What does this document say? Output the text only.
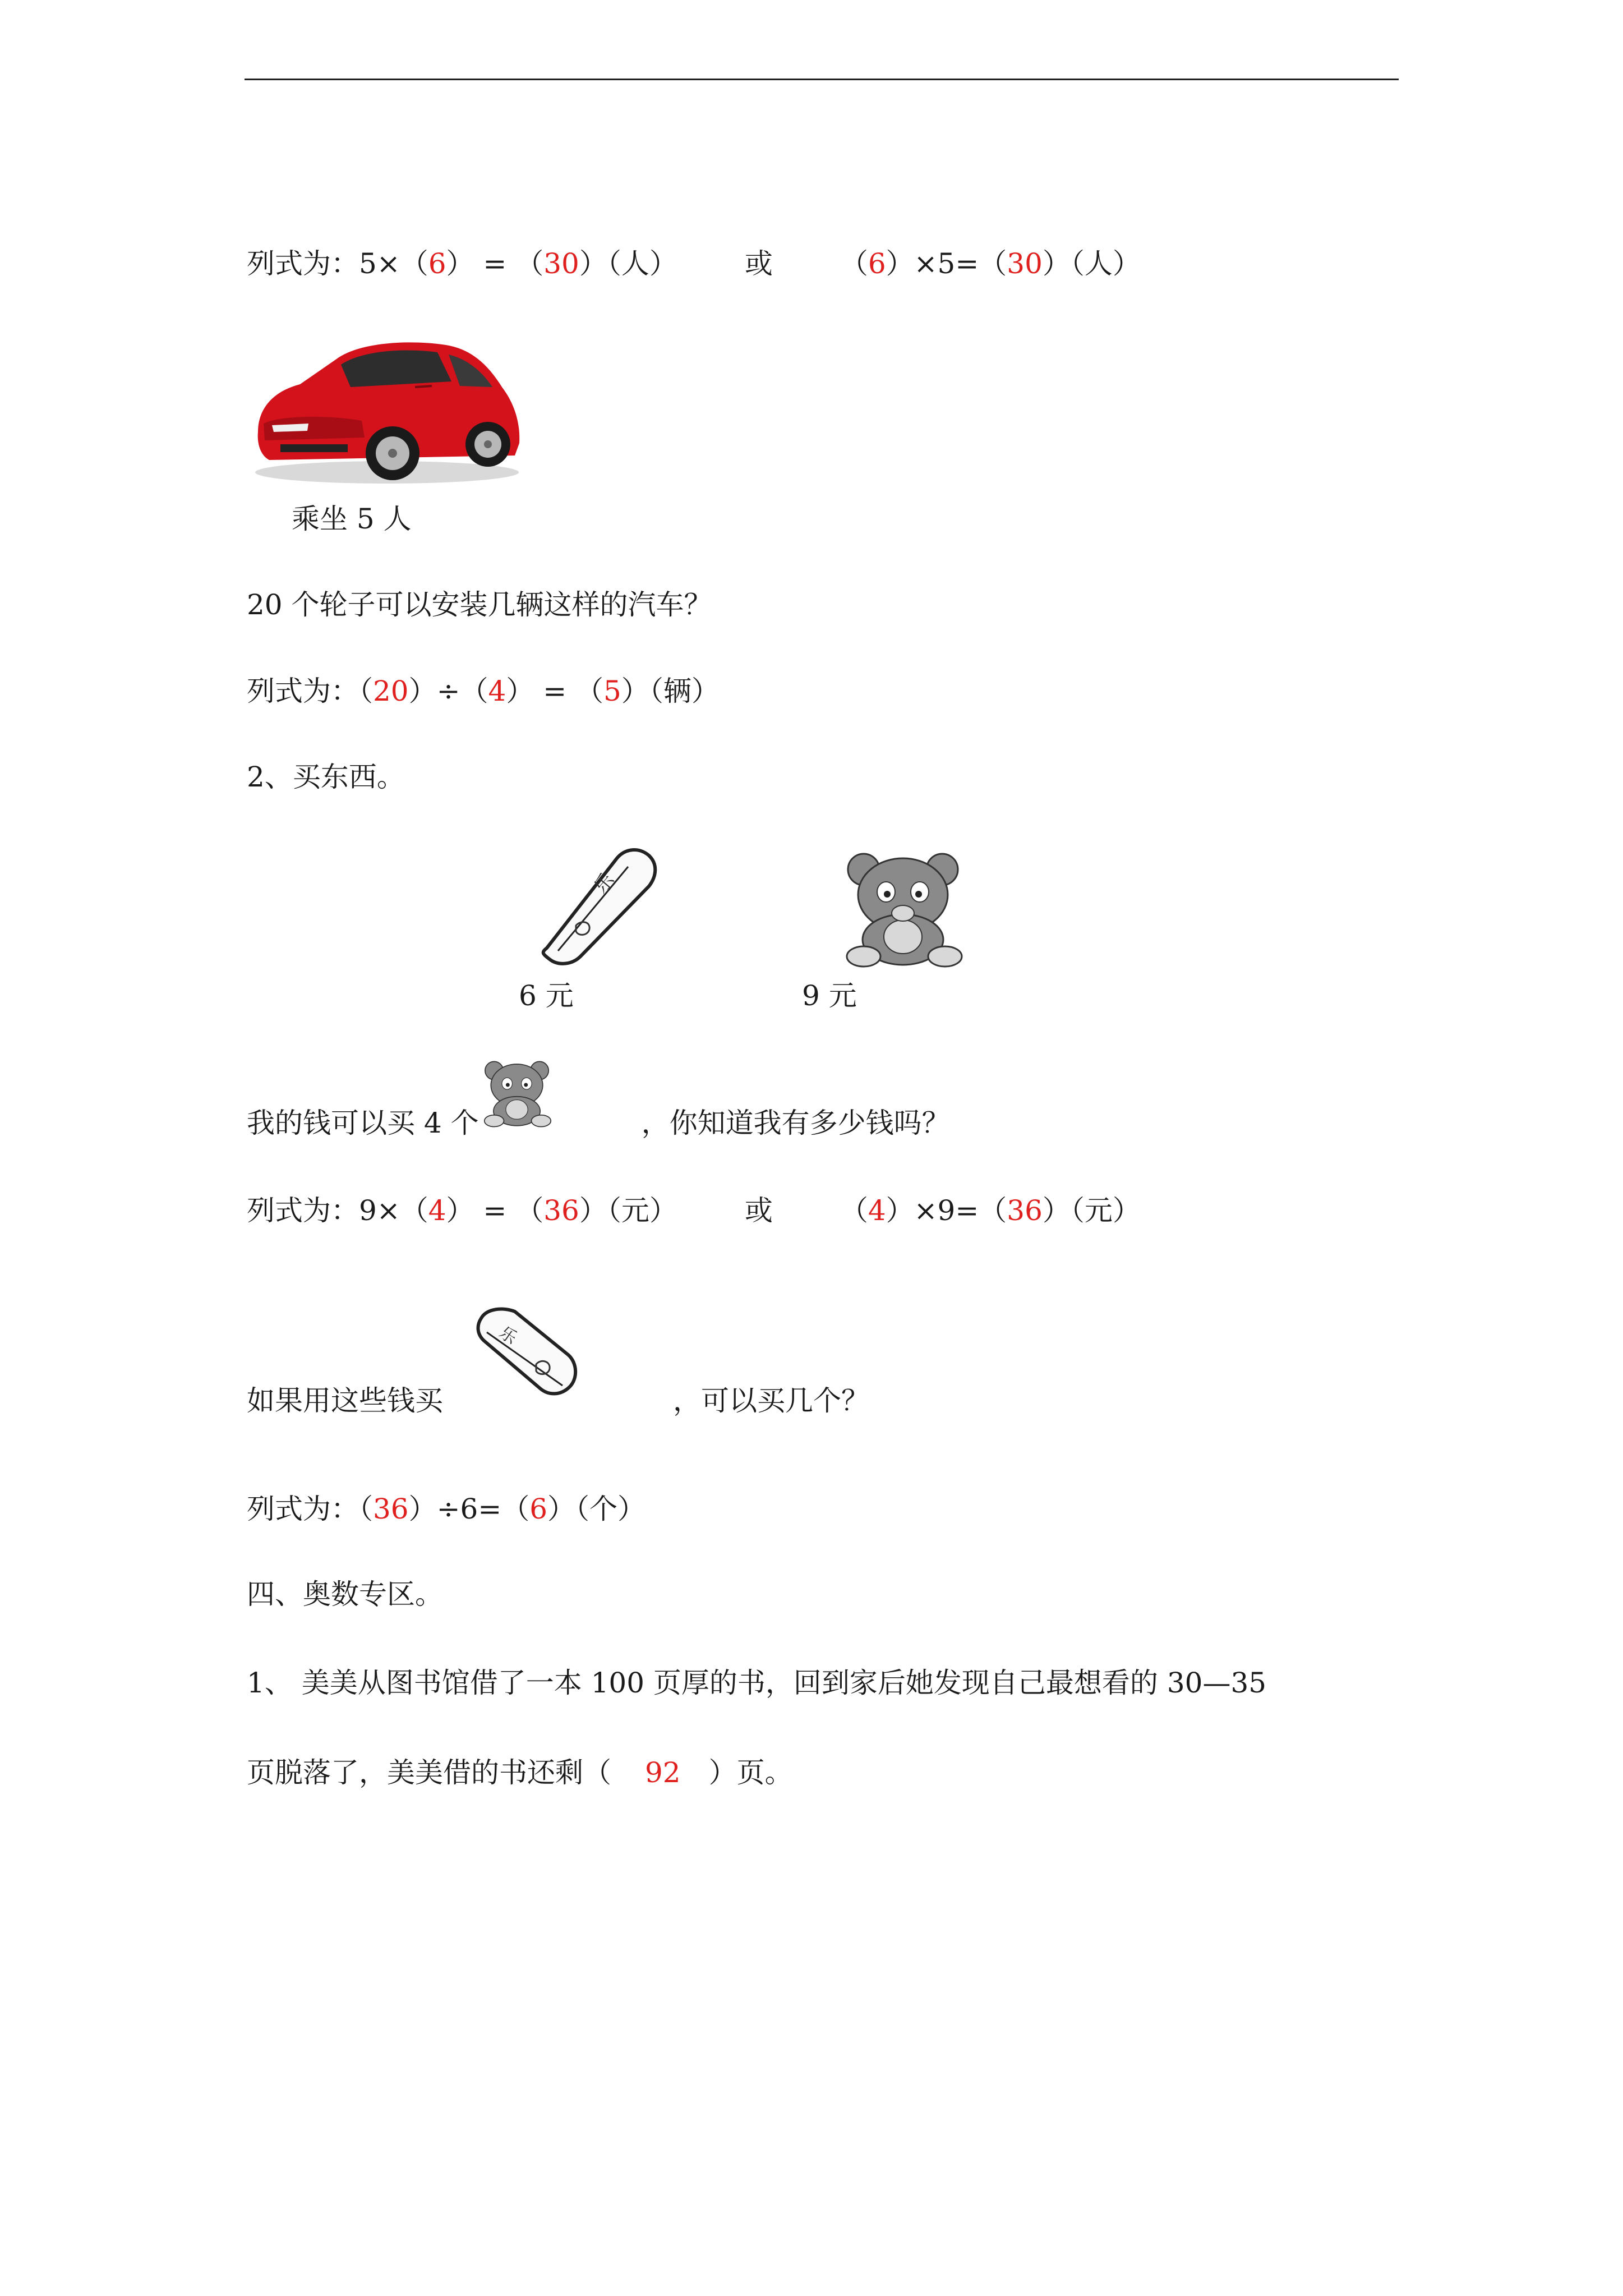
列式为：5×（6） = （30）（人） 或 （6）×5=（30）（人）
乘坐 5 人
20 个轮子可以安装几辆这样的汽车？
列式为：（20）÷（4） = （5）（辆）
2、买东西。
乐
6 元	9 元
我的钱可以买 4 个	，你知道我有多少钱吗？
列式为：9×（4） = （36）（元） 或 （4）×9=（36）（元）
乐
如果用这些钱买	，可以买几个？
列式为：（36）÷6=（6）（个）
四、奥数专区。
1、 美美从图书馆借了一本 100 页厚的书，回到家后她发现自己最想看的 30—35
页脱落了，美美借的书还剩（ 92 ）页。
